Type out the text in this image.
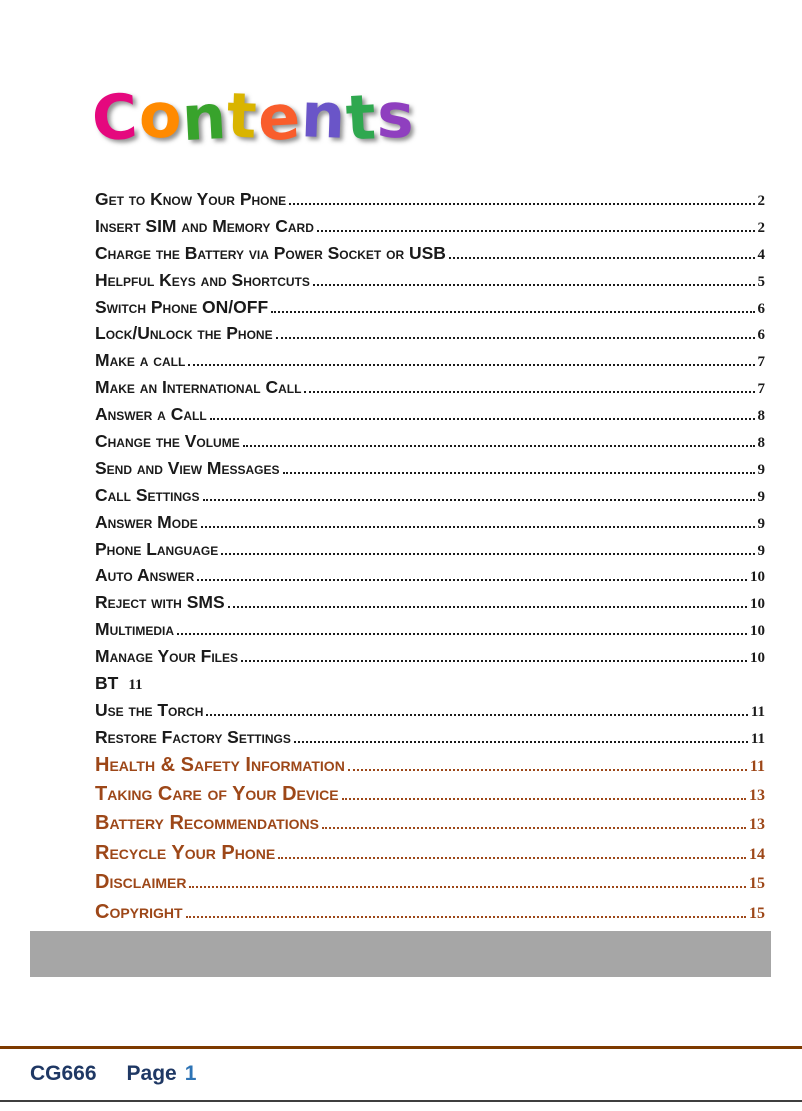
Contents
Get to Know Your Phone	2
Insert SIM and Memory Card	2
Charge the Battery via Power Socket or USB	4
Helpful Keys and Shortcuts	5
Switch Phone ON/OFF	6
Lock/Unlock the Phone	6
Make a call	7
Make an International Call	7
Answer a Call	8
Change the Volume	8
Send and View Messages	9
Call Settings	9
Answer Mode	9
Phone Language	9
Auto Answer	10
Reject with SMS	10
Multimedia	10
Manage Your Files	10
BT 11
Use the Torch	11
Restore Factory Settings	11
Health & Safety Information	11
Taking Care of Your Device	13
Battery Recommendations	13
Recycle Your Phone	14
Disclaimer	15
Copyright	15
CG666 Page 1
